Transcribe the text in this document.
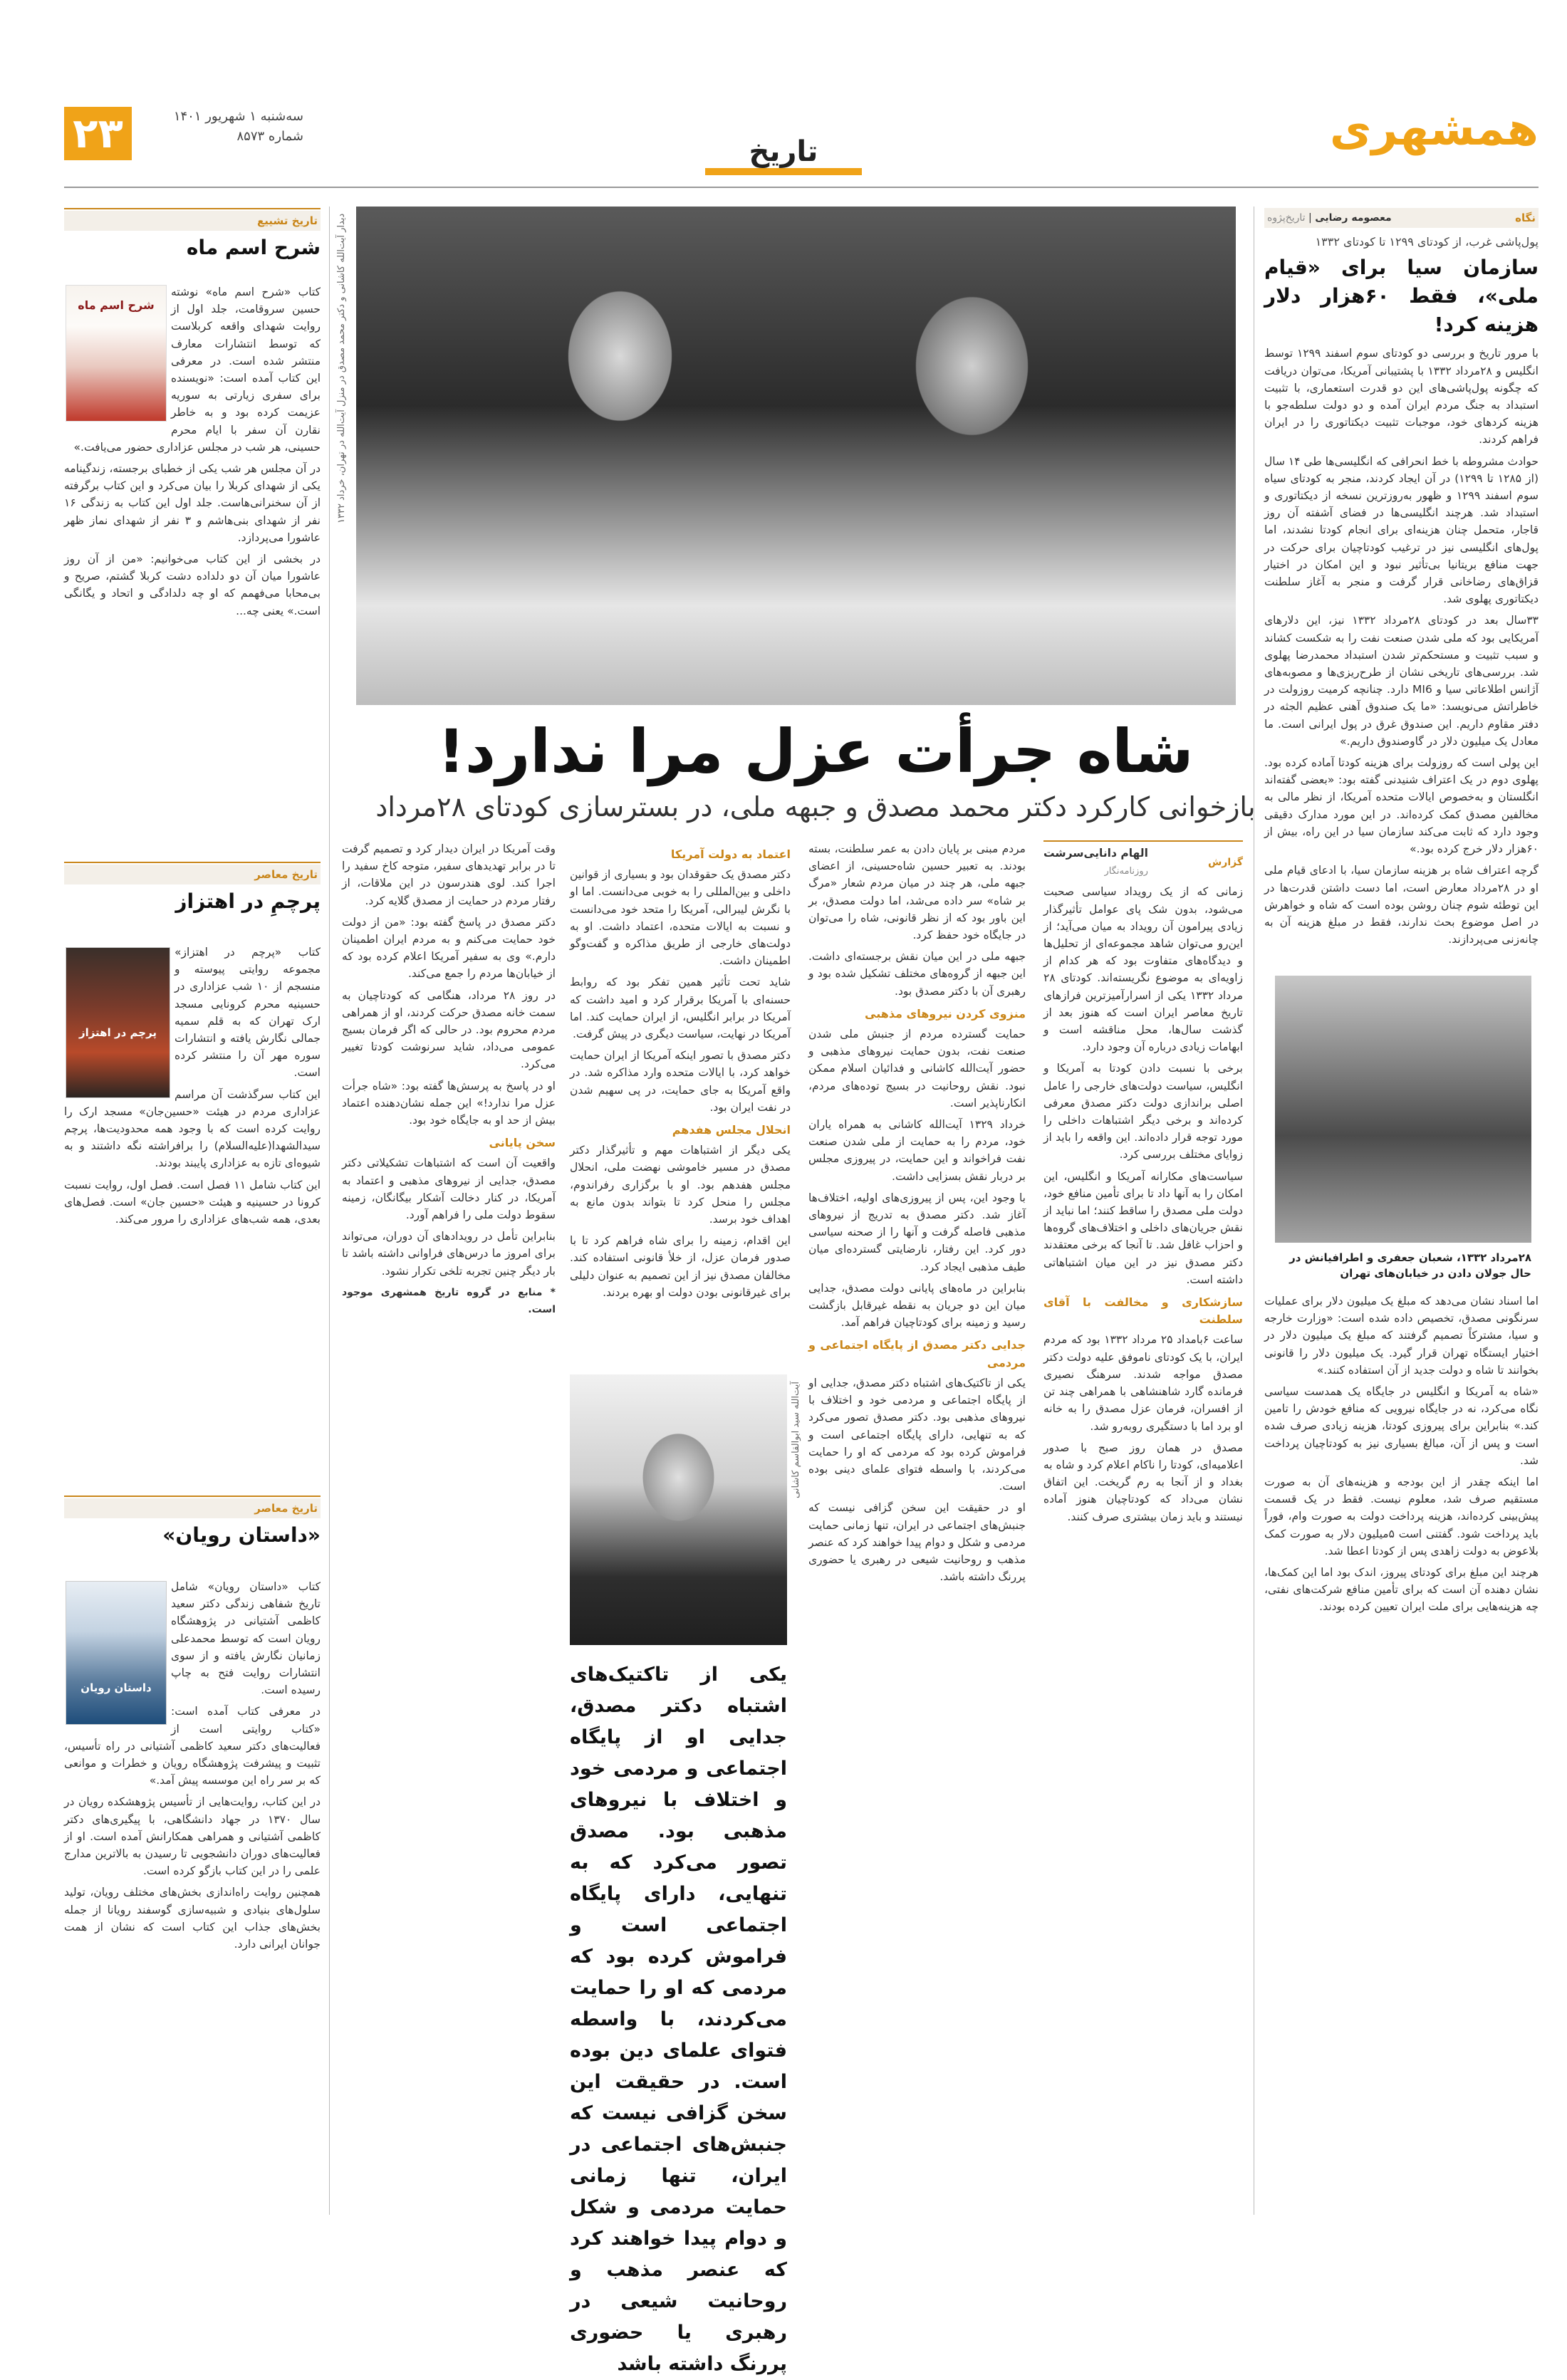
همشهری
۲۳	سه‌شنبه ۱ شهریور ۱۴۰۱
شماره ۸۵۷۳	تاریخ
نگاه
معصومه رضایی | تاریخ‌پژوه
پول‌پاشی غرب، از کودتای ۱۲۹۹ تا کودتای ۱۳۳۲
سازمان سیا برای «قیام ملی»، فقط ۶۰هزار دلار هزینه کرد!

با مرور تاریخ و بررسی دو کودتای سوم اسفند ۱۲۹۹ توسط انگلیس و ۲۸مرداد ۱۳۳۲ با پشتیبانی آمریکا، می‌توان دریافت که چگونه پول‌پاشی‌های این دو قدرت استعماری، با تثبیت استبداد به جنگ مردم ایران آمده و دو دولت سلطه‌جو با هزینه کردهای خود، موجبات تثبیت دیکتاتوری را در ایران فراهم کردند.

حوادث مشروطه با خط انحرافی که انگلیسی‌ها طی ۱۴ سال (از ۱۲۸۵ تا ۱۲۹۹) در آن ایجاد کردند، منجر به کودتای سیاه سوم اسفند ۱۲۹۹ و ظهور به‌روزترین نسخه از دیکتاتوری و استبداد شد. هرچند انگلیسی‌ها در فضای آشفته آن روز قاجار، متحمل چنان هزینه‌ای برای انجام کودتا نشدند، اما پول‌های انگلیسی نیز در ترغیب کودتاچیان برای حرکت در جهت منافع بریتانیا بی‌تأثیر نبود و این امکان در اختیار قزاق‌های رضاخانی قرار گرفت و منجر به آغاز سلطنت دیکتاتوری پهلوی شد.

۳۳سال بعد در کودتای ۲۸مرداد ۱۳۳۲ نیز، این دلارهای آمریکایی بود که ملی شدن صنعت نفت را به شکست کشاند و سبب تثبیت و مستحکم‌تر شدن استبداد محمدرضا پهلوی شد. بررسی‌های تاریخی نشان از طرح‌ریزی‌ها و مصوبه‌های آژانس اطلاعاتی سیا و MI6 دارد. چنانچه کرمیت روزولت در خاطراتش می‌نویسد: «ما یک صندوق آهنی عظیم الجثه در دفتر مقاوم داریم. این صندوق غرق در پول ایرانی است. ما معادل یک میلیون دلار در گاوصندوق داریم.»

این پولی است که روزولت برای هزینه کودتا آماده کرده بود. پهلوی دوم در یک اعتراف شنیدنی گفته بود: «بعضی گفته‌اند انگلستان و به‌خصوص ایالات متحده آمریکا، از نظر مالی به مخالفین مصدق کمک کرده‌اند. در این مورد مدارک دقیقی وجود دارد که ثابت می‌کند سازمان سیا در این راه، بیش از ۶۰هزار دلار خرج کرده بود.»

گرچه اعتراف شاه بر هزینه سازمان سیا، با ادعای قیام ملی او در ۲۸مرداد معارض است، اما دست داشتن قدرت‌ها در این توطئه شوم چنان روشن بوده است که شاه و خواهرش در اصل موضوع بحث ندارند، فقط در مبلغ هزینه آن به چانه‌زنی می‌پردازند.

۲۸مرداد ۱۳۳۲، شعبان جعفری و اطرافیانش در حال جولان دادن در خیابان‌های تهران

اما اسناد نشان می‌دهد که مبلغ یک میلیون دلار برای عملیات سرنگونی مصدق، تخصیص داده شده است: «وزارت خارجه و سیا، مشترکاً تصمیم گرفتند که مبلغ یک میلیون دلار در اختیار ایستگاه تهران قرار گیرد. یک میلیون دلار را قانونی بخوانند تا شاه و دولت جدید از آن استفاده کنند.»

«شاه به آمریکا و انگلیس در جایگاه یک همدست سیاسی نگاه می‌کرد، نه در جایگاه نیرویی که منافع خودش را تامین کند.» بنابراین برای پیروزی کودتا، هزینه زیادی صرف شده است و پس از آن، مبالغ بسیاری نیز به کودتاچیان پرداخت شد.

اما اینکه چقدر از این بودجه و هزینه‌های آن به صورت مستقیم صرف شد، معلوم نیست. فقط در یک قسمت پیش‌بینی کرده‌اند، هزینه پرداخت دولت به صورت وام، فوراً باید پرداخت شود. گفتنی است ۵میلیون دلار به صورت کمک بلاعوض به دولت زاهدی پس از کودتا اعطا شد.

هرچند این مبلغ برای کودتای پیروز، اندک بود اما این کمک‌ها، نشان دهنده آن است که برای تأمین منافع شرکت‌های نفتی، چه هزینه‌هایی برای ملت ایران تعیین کرده بودند.

دیدار آیت‌الله کاشانی و دکتر محمد مصدق در منزل آیت‌الله در تهران، خرداد ۱۳۳۲
شاه جرأت عزل مرا ندارد!
بازخوانی کارکرد دکتر محمد مصدق و جبهه ملی، در بسترسازی کودتای ۲۸مرداد
گزارش
الهام دانایی‌سرشت
روزنامه‌نگار

زمانی که از یک رویداد سیاسی صحبت می‌شود، بدون شک پای عوامل تأثیرگذار زیادی پیرامون آن رویداد به میان می‌آید؛ از این‌رو می‌توان شاهد مجموعه‌ای از تحلیل‌ها و دیدگاه‌های متفاوت بود که هر کدام از زاویه‌ای به موضوع نگریسته‌اند. کودتای ۲۸ مرداد ۱۳۳۲ یکی از اسرارآمیزترین فرازهای تاریخ معاصر ایران است که هنوز بعد از گذشت سال‌ها، محل مناقشه است و ابهامات زیادی درباره آن وجود دارد.

برخی با نسبت دادن کودتا به آمریکا و انگلیس، سیاست دولت‌های خارجی را عامل اصلی براندازی دولت دکتر مصدق معرفی کرده‌اند و برخی دیگر اشتباهات داخلی را مورد توجه قرار داده‌اند. این واقعه را باید از زوایای مختلف بررسی کرد.

سیاست‌های مکارانه آمریکا و انگلیس، این امکان را به آنها داد تا برای تأمین منافع خود، دولت ملی مصدق را ساقط کنند؛ اما نباید از نقش جریان‌های داخلی و اختلاف‌های گروه‌ها و احزاب غافل شد. تا آنجا که برخی معتقدند دکتر مصدق نیز در این میان اشتباهاتی داشته است.

سازشکاری و مخالفت با آقای سلطنت

ساعت ۶بامداد ۲۵ مرداد ۱۳۳۲ بود که مردم ایران، با یک کودتای ناموفق علیه دولت دکتر مصدق مواجه شدند. سرهنگ نصیری فرمانده گارد شاهنشاهی با همراهی چند تن از افسران، فرمان عزل مصدق را به خانه او برد اما با دستگیری روبه‌رو شد.

مصدق در همان روز صبح با صدور اعلامیه‌ای، کودتا را ناکام اعلام کرد و شاه به بغداد و از آنجا به رم گریخت. این اتفاق نشان می‌داد که کودتاچیان هنوز آماده نیستند و باید زمان بیشتری صرف کنند.

مردم مبنی بر پایان دادن به عمر سلطنت، بسته بودند. به تعبیر حسین شاه‌حسینی، از اعضای جبهه ملی، هر چند در میان مردم شعار «مرگ بر شاه» سر داده می‌شد، اما دولت مصدق، بر این باور بود که از نظر قانونی، شاه را می‌توان در جایگاه خود حفظ کرد.

جبهه ملی در این میان نقش برجسته‌ای داشت. این جبهه از گروه‌های مختلف تشکیل شده بود و رهبری آن با دکتر مصدق بود.

منزوی کردن نیروهای مذهبی

حمایت گسترده مردم از جنبش ملی شدن صنعت نفت، بدون حمایت نیروهای مذهبی و حضور آیت‌الله کاشانی و فدائیان اسلام ممکن نبود. نقش روحانیت در بسیج توده‌های مردم، انکارناپذیر است.

خرداد ۱۳۲۹ آیت‌الله کاشانی به همراه یاران خود، مردم را به حمایت از ملی شدن صنعت نفت فراخواند و این حمایت، در پیروزی مجلس بر دربار نقش بسزایی داشت.

با وجود این، پس از پیروزی‌های اولیه، اختلاف‌ها آغاز شد. دکتر مصدق به تدریج از نیروهای مذهبی فاصله گرفت و آنها را از صحنه سیاسی دور کرد. این رفتار، نارضایتی گسترده‌ای میان طیف مذهبی ایجاد کرد.

بنابراین در ماه‌های پایانی دولت مصدق، جدایی میان این دو جریان به نقطه غیرقابل بازگشت رسید و زمینه برای کودتاچیان فراهم آمد.

جدایی دکتر مصدق از پایگاه اجتماعی و مردمی

یکی از تاکتیک‌های اشتباه دکتر مصدق، جدایی او از پایگاه اجتماعی و مردمی خود و اختلاف با نیروهای مذهبی بود. دکتر مصدق تصور می‌کرد که به تنهایی، دارای پایگاه اجتماعی است و فراموش کرده بود که مردمی که او را حمایت می‌کردند، با واسطه فتوای علمای دینی بوده است.

او در حقیقت این سخن گزافی نیست که جنبش‌های اجتماعی در ایران، تنها زمانی حمایت مردمی و شکل و دوام پیدا خواهند کرد که عنصر مذهب و روحانیت شیعی در رهبری یا حضوری پررنگ داشته باشد.

اعتماد به دولت آمریکا

دکتر مصدق یک حقوقدان بود و بسیاری از قوانین داخلی و بین‌المللی را به خوبی می‌دانست. اما او با نگرش لیبرالی، آمریکا را متحد خود می‌دانست و نسبت به ایالات متحده، اعتماد داشت. او به دولت‌های خارجی از طریق مذاکره و گفت‌وگو اطمینان داشت.

شاید تحت تأثیر همین تفکر بود که روابط حسنه‌ای با آمریکا برقرار کرد و امید داشت که آمریکا در برابر انگلیس، از ایران حمایت کند. اما آمریکا در نهایت، سیاست دیگری در پیش گرفت.

دکتر مصدق با تصور اینکه آمریکا از ایران حمایت خواهد کرد، با ایالات متحده وارد مذاکره شد. در واقع آمریکا به جای حمایت، در پی سهیم شدن در نفت ایران بود.

انحلال مجلس هفدهم

یکی دیگر از اشتباهات مهم و تأثیرگذار دکتر مصدق در مسیر خاموشی نهضت ملی، انحلال مجلس هفدهم بود. او با برگزاری رفراندوم، مجلس را منحل کرد تا بتواند بدون مانع به اهداف خود برسد.

این اقدام، زمینه را برای شاه فراهم کرد تا با صدور فرمان عزل، از خلأ قانونی استفاده کند. مخالفان مصدق نیز از این تصمیم به عنوان دلیلی برای غیرقانونی بودن دولت او بهره بردند.

آیت‌الله سید ابوالقاسم کاشانی
یکی از تاکتیک‌های اشتباه دکتر مصدق، جدایی او از پایگاه اجتماعی و مردمی خود و اختلاف با نیروهای مذهبی بود. مصدق تصور می‌کرد که به تنهایی، دارای پایگاه اجتماعی است و فراموش کرده بود که مردمی که او را حمایت می‌کردند، با واسطه فتوای علمای دین بوده است. در حقیقت این سخن گزافی نیست که جنبش‌های اجتماعی در ایران، تنها زمانی حمایت مردمی و شکل و دوام پیدا خواهند کرد که عنصر مذهب و روحانیت شیعی در رهبری یا حضوری پررنگ داشته باشد

وقت آمریکا در ایران دیدار کرد و تصمیم گرفت تا در برابر تهدیدهای سفیر، متوجه کاخ سفید را اجرا کند. لوی هندرسون در این ملاقات، از رفتار مردم در حمایت از مصدق گلایه کرد.

دکتر مصدق در پاسخ گفته بود: «من از دولت خود حمایت می‌کنم و به مردم ایران اطمینان دارم.» وی به سفیر آمریکا اعلام کرده بود که از خیابان‌ها مردم را جمع می‌کند.

در روز ۲۸ مرداد، هنگامی که کودتاچیان به سمت خانه مصدق حرکت کردند، او از همراهی مردم محروم بود. در حالی که اگر فرمان بسیج عمومی می‌داد، شاید سرنوشت کودتا تغییر می‌کرد.

او در پاسخ به پرسش‌ها گفته بود: «شاه جرأت عزل مرا ندارد!» این جمله نشان‌دهنده اعتماد بیش از حد او به جایگاه خود بود.

سخن پایانی

واقعیت آن است که اشتباهات تشکیلاتی دکتر مصدق، جدایی از نیروهای مذهبی و اعتماد به آمریکا، در کنار دخالت آشکار بیگانگان، زمینه سقوط دولت ملی را فراهم آورد.

بنابراین تأمل در رویدادهای آن دوران، می‌تواند برای امروز ما درس‌های فراوانی داشته باشد تا بار دیگر چنین تجربه تلخی تکرار نشود.

* منابع در گروه تاریخ همشهری موجود است.

تاریخ تشییع
شرح اسم ماه
شرح اسم ماه

کتاب «شرح اسم ماه» نوشته حسین سروقامت، جلد اول از روایت شهدای واقعه کربلاست که توسط انتشارات معارف منتشر شده است. در معرفی این کتاب آمده است: «نویسنده برای سفری زیارتی به سوریه عزیمت کرده بود و به خاطر نقارن آن سفر با ایام محرم حسینی، هر شب در مجلس عزاداری حضور می‌یافت.»

در آن مجلس هر شب یکی از خطبای برجسته، زندگینامه یکی از شهدای کربلا را بیان می‌کرد و این کتاب برگرفته از آن سخنرانی‌هاست. جلد اول این کتاب به زندگی ۱۶ نفر از شهدای بنی‌هاشم و ۳ نفر از شهدای نماز ظهر عاشورا می‌پردازد.

در بخشی از این کتاب می‌خوانیم: «من از آن روز عاشورا میان آن دو دلداده دشت کربلا گشتم، صریح و بی‌محابا می‌فهمم که او چه دلدادگی و اتحاد و یگانگی است.» یعنی چه...

تاریخ معاصر
پرچمِ در اهتزاز
پرچم در اهتزاز

کتاب «پرچم در اهتزاز» مجموعه روایتی پیوسته و منسجم از ۱۰ شب عزاداری در حسینیه محرم کرونایی مسجد ارک تهران که به قلم سمیه جمالی نگارش یافته و انتشارات سوره مهر آن را منتشر کرده است.

این کتاب سرگذشت آن مراسم عزاداری مردم در هیئت «حسین‌جان» مسجد ارک را روایت کرده است که با وجود همه محدودیت‌ها، پرچم سیدالشهدا(علیه‌السلام) را برافراشته نگه داشتند و به شیوه‌ای تازه به عزاداری پایبند بودند.

این کتاب شامل ۱۱ فصل است. فصل اول، روایت نسبت کرونا در حسینیه و هیئت «حسین جان» است. فصل‌های بعدی، همه شب‌های عزاداری را مرور می‌کند.

تاریخ معاصر
«داستان رویان»
داستان رویان

کتاب «داستان رویان» شامل تاریخ شفاهی زندگی دکتر سعید کاظمی آشتیانی در پژوهشگاه رویان است که توسط محمدعلی زمانیان نگارش یافته و از سوی انتشارات روایت فتح به چاپ رسیده است.

در معرفی کتاب آمده است: «کتاب روایتی است از فعالیت‌های دکتر سعید کاظمی آشتیانی در راه تأسیس، تثبیت و پیشرفت پژوهشگاه رویان و خطرات و موانعی که بر سر راه این موسسه پیش آمد.»

در این کتاب، روایت‌هایی از تأسیس پژوهشکده رویان در سال ۱۳۷۰ در جهاد دانشگاهی، با پیگیری‌های دکتر کاظمی آشتیانی و همراهی همکارانش آمده است. او از فعالیت‌های دوران دانشجویی تا رسیدن به بالاترین مدارج علمی را در این کتاب بازگو کرده است.

همچنین روایت راه‌اندازی بخش‌های مختلف رویان، تولید سلول‌های بنیادی و شبیه‌سازی گوسفند رویانا از جمله بخش‌های جذاب این کتاب است که نشان از همت جوانان ایرانی دارد.
